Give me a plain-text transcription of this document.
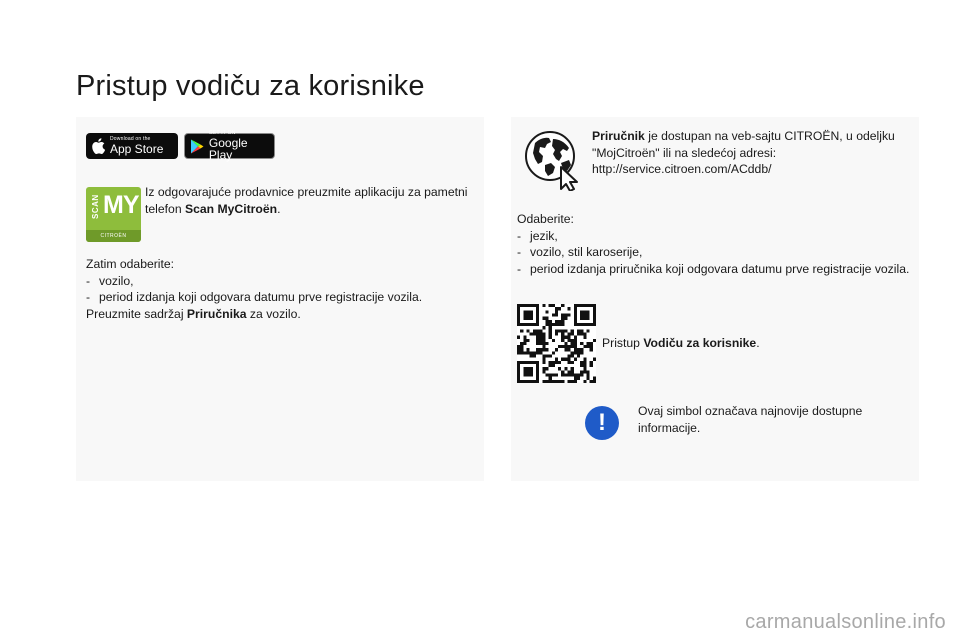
Pristup vodiču za korisnike
Download on the
App Store
GET IT ON
Google Play
SCAN MY
CITROËN
Iz odgovarajuće prodavnice preuzmite aplikaciju za pametni telefon Scan MyCitroën.
Zatim odaberite:
- vozilo,
- period izdanja koji odgovara datumu prve registracije vozila.
Preuzmite sadržaj Priručnika za vozilo.
Priručnik je dostupan na veb-sajtu CITROËN, u odeljku
"MojCitroën" ili na sledećoj adresi:
http://service.citroen.com/ACddb/
Odaberite:
- jezik,
- vozilo, stil karoserije,
- period izdanja priručnika koji odgovara datumu prve registracije vozila.
Pristup Vodiču za korisnike.
!	Ovaj simbol označava najnovije dostupne informacije.
carmanualsonline.info
